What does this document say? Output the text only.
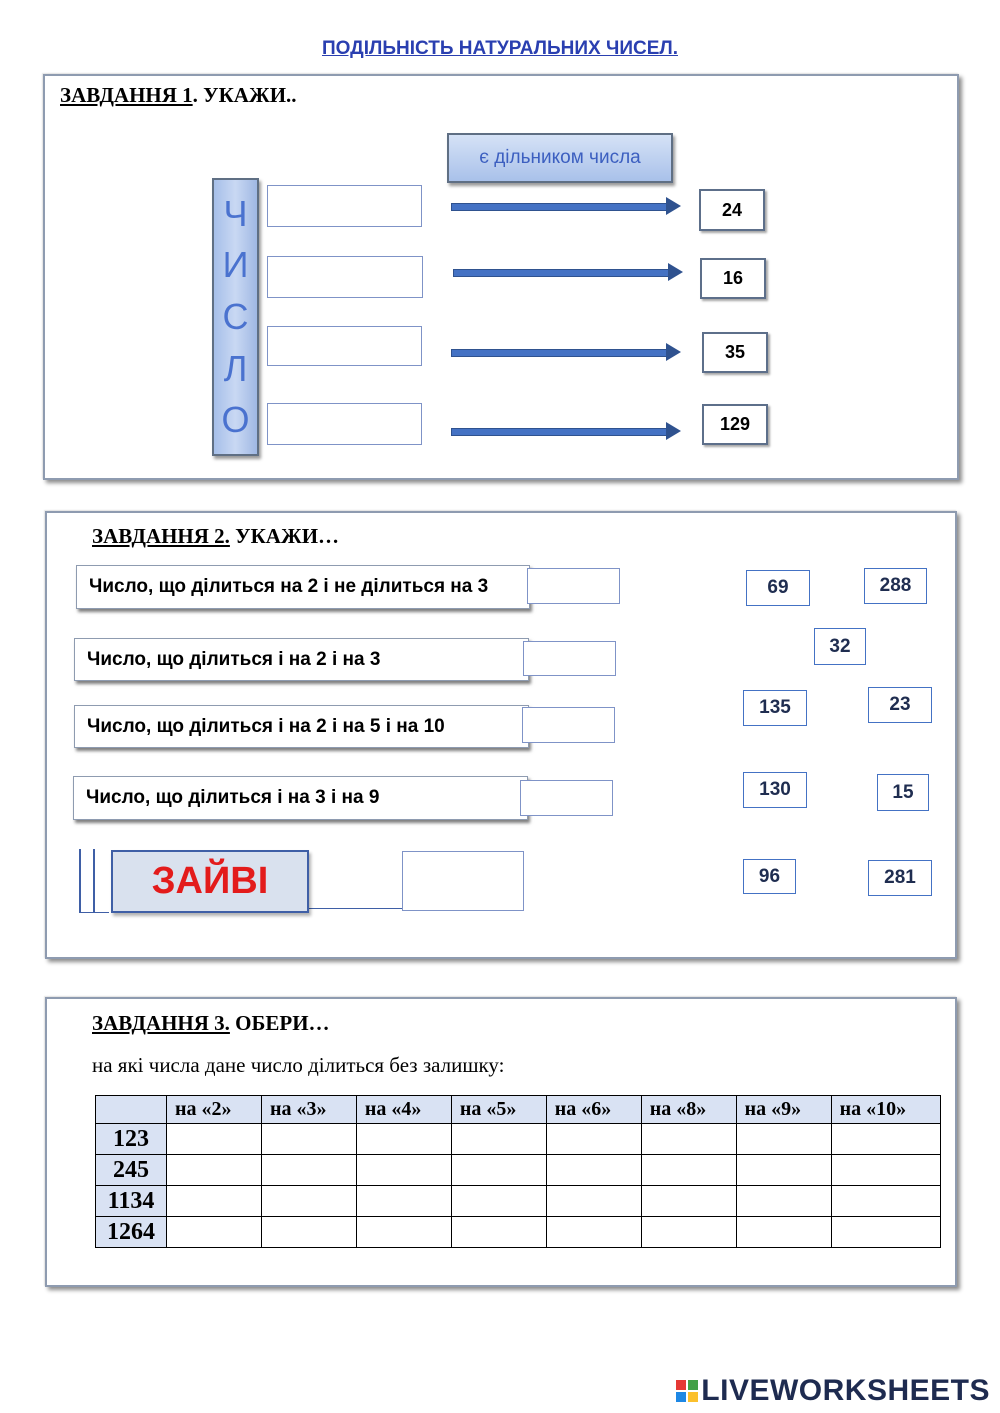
ПОДІЛЬНІСТЬ НАТУРАЛЬНИХ ЧИСЕЛ.
ЗАВДАННЯ 1. УКАЖИ..
є дільником числа
Ч
И
С
Л
О
24
16
35
129
ЗАВДАННЯ 2. УКАЖИ…
Число, що ділиться на 2 і не ділиться на 3
Число, що ділиться і на 2 і на 3
Число, що ділиться і на 2 і на 5 і на 10
Число, що ділиться і на 3 і на 9
ЗАЙВІ
69	288
32
135	23
130	15
96	281
ЗАВДАННЯ 3. ОБЕРИ…
на які числа дане число ділиться без залишку:
	на «2»	на «3»	на «4»	на «5»	на «6»	на «8»	на «9»	на «10»
123								
245								
1134								
1264								
LIVEWORKSHEETS
